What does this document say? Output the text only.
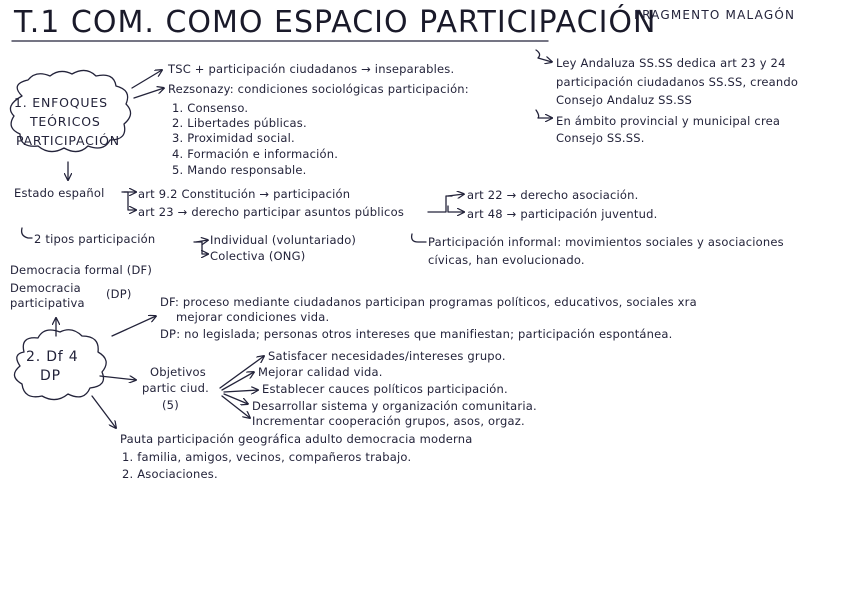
T.1 COM. COMO ESPACIO PARTICIPACIÓN
FRAGMENTO MALAGÓN
1. ENFOQUES
TEÓRICOS
PARTICIPACIÓN
TSC + participación ciudadanos → inseparables.
Rezsonazy: condiciones sociológicas participación:
1. Consenso.
2. Libertades públicas.
3. Proximidad social.
4. Formación e información.
5. Mando responsable.
Ley Andaluza SS.SS dedica art 23 y 24
participación ciudadanos SS.SS, creando
Consejo Andaluz SS.SS
En ámbito provincial y municipal crea
Consejo SS.SS.
Estado español	art 9.2 Constitución → participación
art 23 → derecho participar asuntos públicos
art 22 → derecho asociación.
art 48 → participación juventud.
2 tipos participación	Individual (voluntariado)
Colectiva (ONG)
Participación informal: movimientos sociales y asociaciones
cívicas, han evolucionado.
Democracia formal (DF)
Democracia
participativa
(DP)
DF: proceso mediante ciudadanos participan programas políticos, educativos, sociales xra
mejorar condiciones vida.
DP: no legislada; personas otros intereses que manifiestan; participación espontánea.
2. Df 4
DP	Objetivos
partic ciud.
(5)
Satisfacer necesidades/intereses grupo.
Mejorar calidad vida.
Establecer cauces políticos participación.
Desarrollar sistema y organización comunitaria.
Incrementar cooperación grupos, asos, orgaz.
Pauta participación geográfica adulto democracia moderna
1. familia, amigos, vecinos, compañeros trabajo.
2. Asociaciones.
